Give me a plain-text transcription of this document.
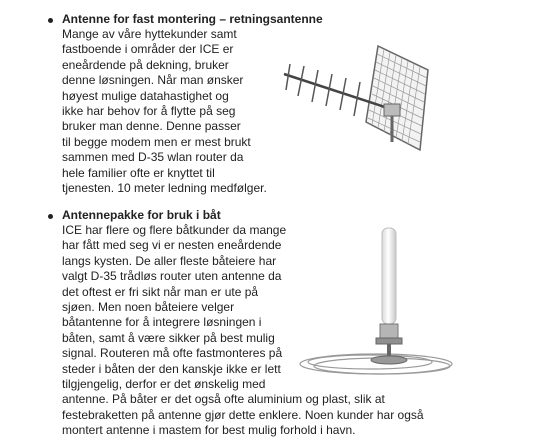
Antenne for fast montering – retningsantenne
Mange av våre hyttekunder samt
fastboende i områder der ICE er
eneårdende på dekning, bruker
denne løsningen. Når man ønsker
høyest mulige datahastighet og
ikke har behov for å flytte på seg
bruker man denne. Denne passer
til begge modem men er mest brukt
sammen med D-35 wlan router da
hele familier ofte er knyttet til
tjenesten. 10 meter ledning medfølger.
Antennepakke for bruk i båt
ICE har flere og flere båtkunder da mange
har fått med seg vi er nesten eneårdende
langs kysten. De aller fleste båteiere har
valgt D-35 trådløs router uten antenne da
det oftest er fri sikt når man er ute på
sjøen. Men noen båteiere velger
båtantenne for å integrere løsningen i
båten, samt å være sikker på best mulig
signal. Routeren må ofte fastmonteres på
steder i båten der den kanskje ikke er lett
tilgjengelig, derfor er det ønskelig med
antenne. På båter er det også ofte aluminium og plast, slik at
festebraketten på antenne gjør dette enklere. Noen kunder har også
montert antenne i mastem for best mulig forhold i havn.
